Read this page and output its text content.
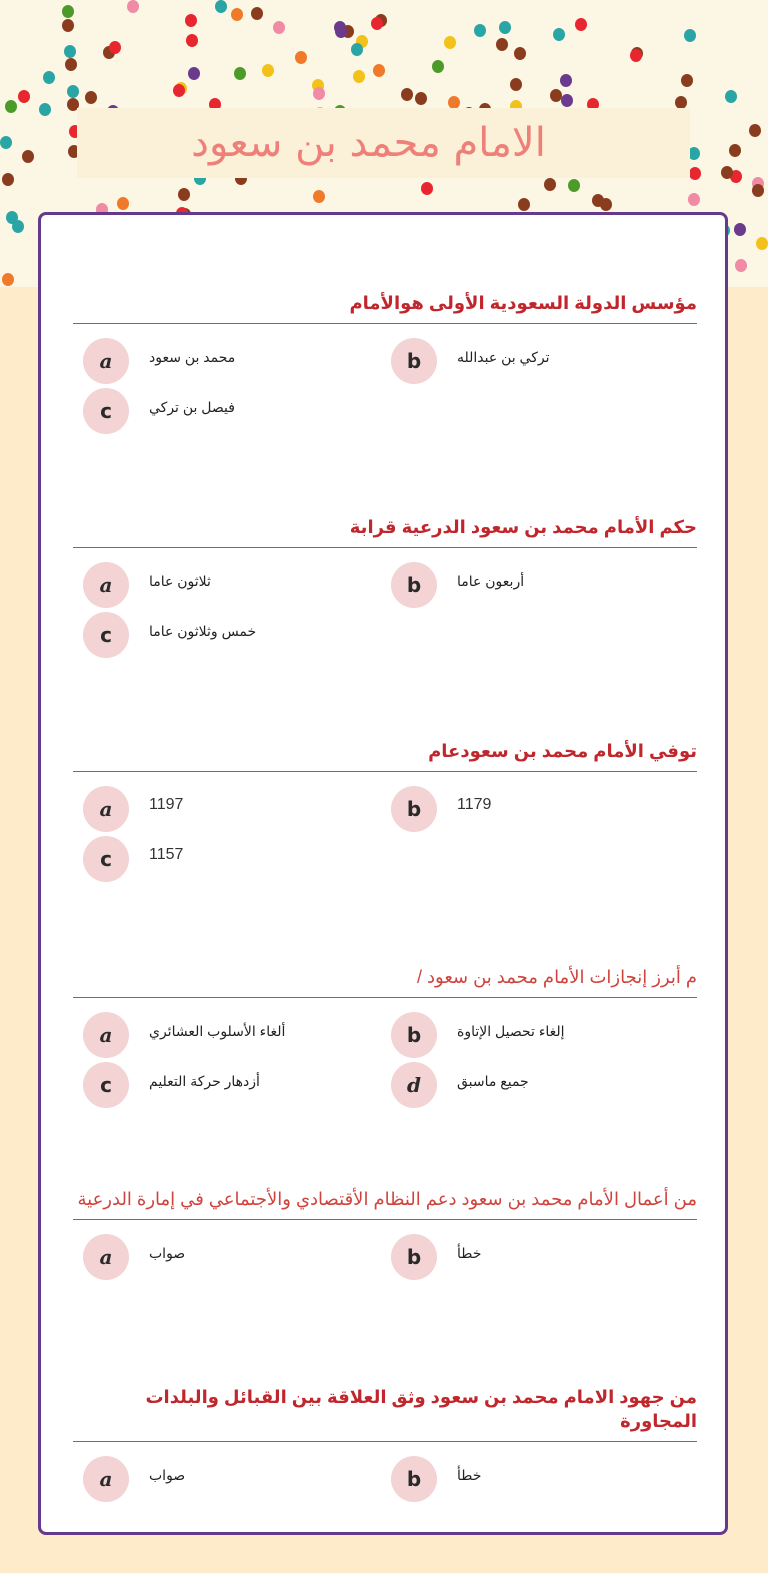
الامام محمد بن سعود
مؤسس الدولة السعودية الأولى هوالأمام
a	محمد بن سعود	b	تركي بن عبدالله
c	فيصل بن تركي
حكم الأمام محمد بن سعود الدرعية قرابة
a	ثلاثون عاما	b	أربعون عاما
c	خمس وثلاثون عاما
توفي الأمام محمد بن سعودعام
a	1197	b	1179
c	1157
م أبرز إنجازات الأمام محمد بن سعود /
a	ألغاء الأسلوب العشائري	b	إلغاء تحصيل الإتاوة
c	أزدهار حركة التعليم	d	جميع ماسبق
من أعمال الأمام محمد بن سعود دعم النظام الأقتصادي والأجتماعي في إمارة الدرعية
a	صواب	b	خطأ
من جهود الامام محمد بن سعود وثق العلاقة بين القبائل والبلدات المجاورة
a	صواب	b	خطأ
